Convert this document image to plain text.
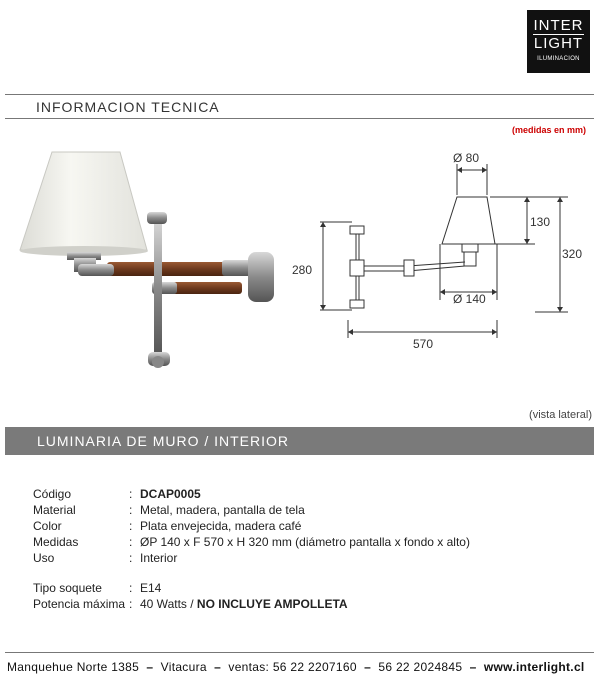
INTER
LIGHT
ILUMINACION
INFORMACION TECNICA
(medidas en mm)
Ø 80
130
320
280
Ø 140
570
(vista lateral)
LUMINARIA DE MURO / INTERIOR
Código	: DCAP0005
Material	: Metal, madera, pantalla de tela
Color	: Plata envejecida, madera café
Medidas	: ØP 140 x F 570 x H 320 mm (diámetro pantalla x fondo x alto)
Uso	: Interior
Tipo soquete	: E14
Potencia máxima : 40 Watts / NO INCLUYE AMPOLLETA
Manquehue Norte 1385 – Vitacura – ventas: 56 22 2207160 – 56 22 2024845 – www.interlight.cl
